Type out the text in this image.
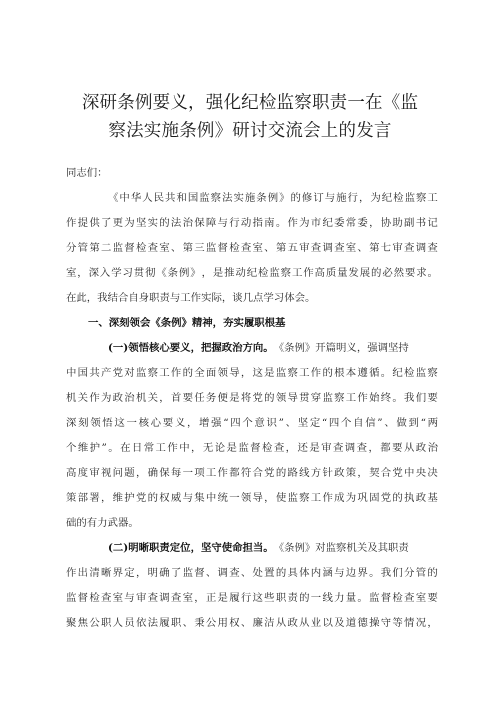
深研条例要义，强化纪检监察职责一在《监
察法实施条例》研讨交流会上的发言
同志们：
《 中 华 人 民 共 和 国 监 察 法 实 施 条 例 》 的 修 订 与 施 行 ， 为 纪 检 监 察 工
作 提 供 了 更 为 坚 实 的 法 治 保 障 与 行 动 指 南 。 作 为 市 纪 委 常 委 ， 协 助 副 书 记
分 管 第 二 监 督 检 查 室 、 第 三 监 督 检 查 室 、 第 五 审 查 调 查 室 、 第 七 审 查 调 查
室 ， 深 入 学 习 贯 彻 《 条 例 》 ， 是 推 动 纪 检 监 察 工 作 高 质 量 发 展 的 必 然 要 求 。
在此，我结合自身职责与工作实际，谈几点学习体会。
一、深刻领会《条例》精神，夯实履职根基
(一)领悟核心要义，把握政治方向。 《条例》开篇明义，强调坚持
中 国 共 产 党 对 监 察 工 作 的 全 面 领 导 ， 这 是 监 察 工 作 的 根 本 遵 循 。 纪 检 监 察
机 关 作 为 政 治 机 关 ， 首 要 任 务 便 是 将 党 的 领 导 贯 穿 监 察 工 作 始 终 。 我 们 要
深 刻 领 悟 这 一 核 心 要 义 ， 增 强 “ 四 个 意 识 ” 、 坚 定 “ 四 个 自 信 ” 、 做 到 “ 两
个 维 护 ” 。 在 日 常 工 作 中 ， 无 论 是 监 督 检 查 ， 还 是 审 查 调 查 ， 都 要 从 政 治
高 度 审 视 问 题 ， 确 保 每 一 项 工 作 都 符 合 党 的 路 线 方 针 政 策 ， 契 合 党 中 央 决
策 部 署 ， 维 护 党 的 权 威 与 集 中 统 一 领 导 ， 使 监 察 工 作 成 为 巩 固 党 的 执 政 基
础的有力武器。
(二)明晰职责定位，坚守使命担当。 《条例》对监察机关及其职责
作 出 清 晰 界 定 ， 明 确 了 监 督 、 调 查 、 处 置 的 具 体 内 涵 与 边 界 。 我 们 分 管 的
监 督 检 查 室 与 审 查 调 查 室 ， 正 是 履 行 这 些 职 责 的 一 线 力 量 。 监 督 检 查 室 要
聚 焦 公 职 人 员 依 法 履 职 、 秉 公 用 权 、 廉 洁 从 政 从 业 以 及 道 德 操 守 等 情 况 ，
